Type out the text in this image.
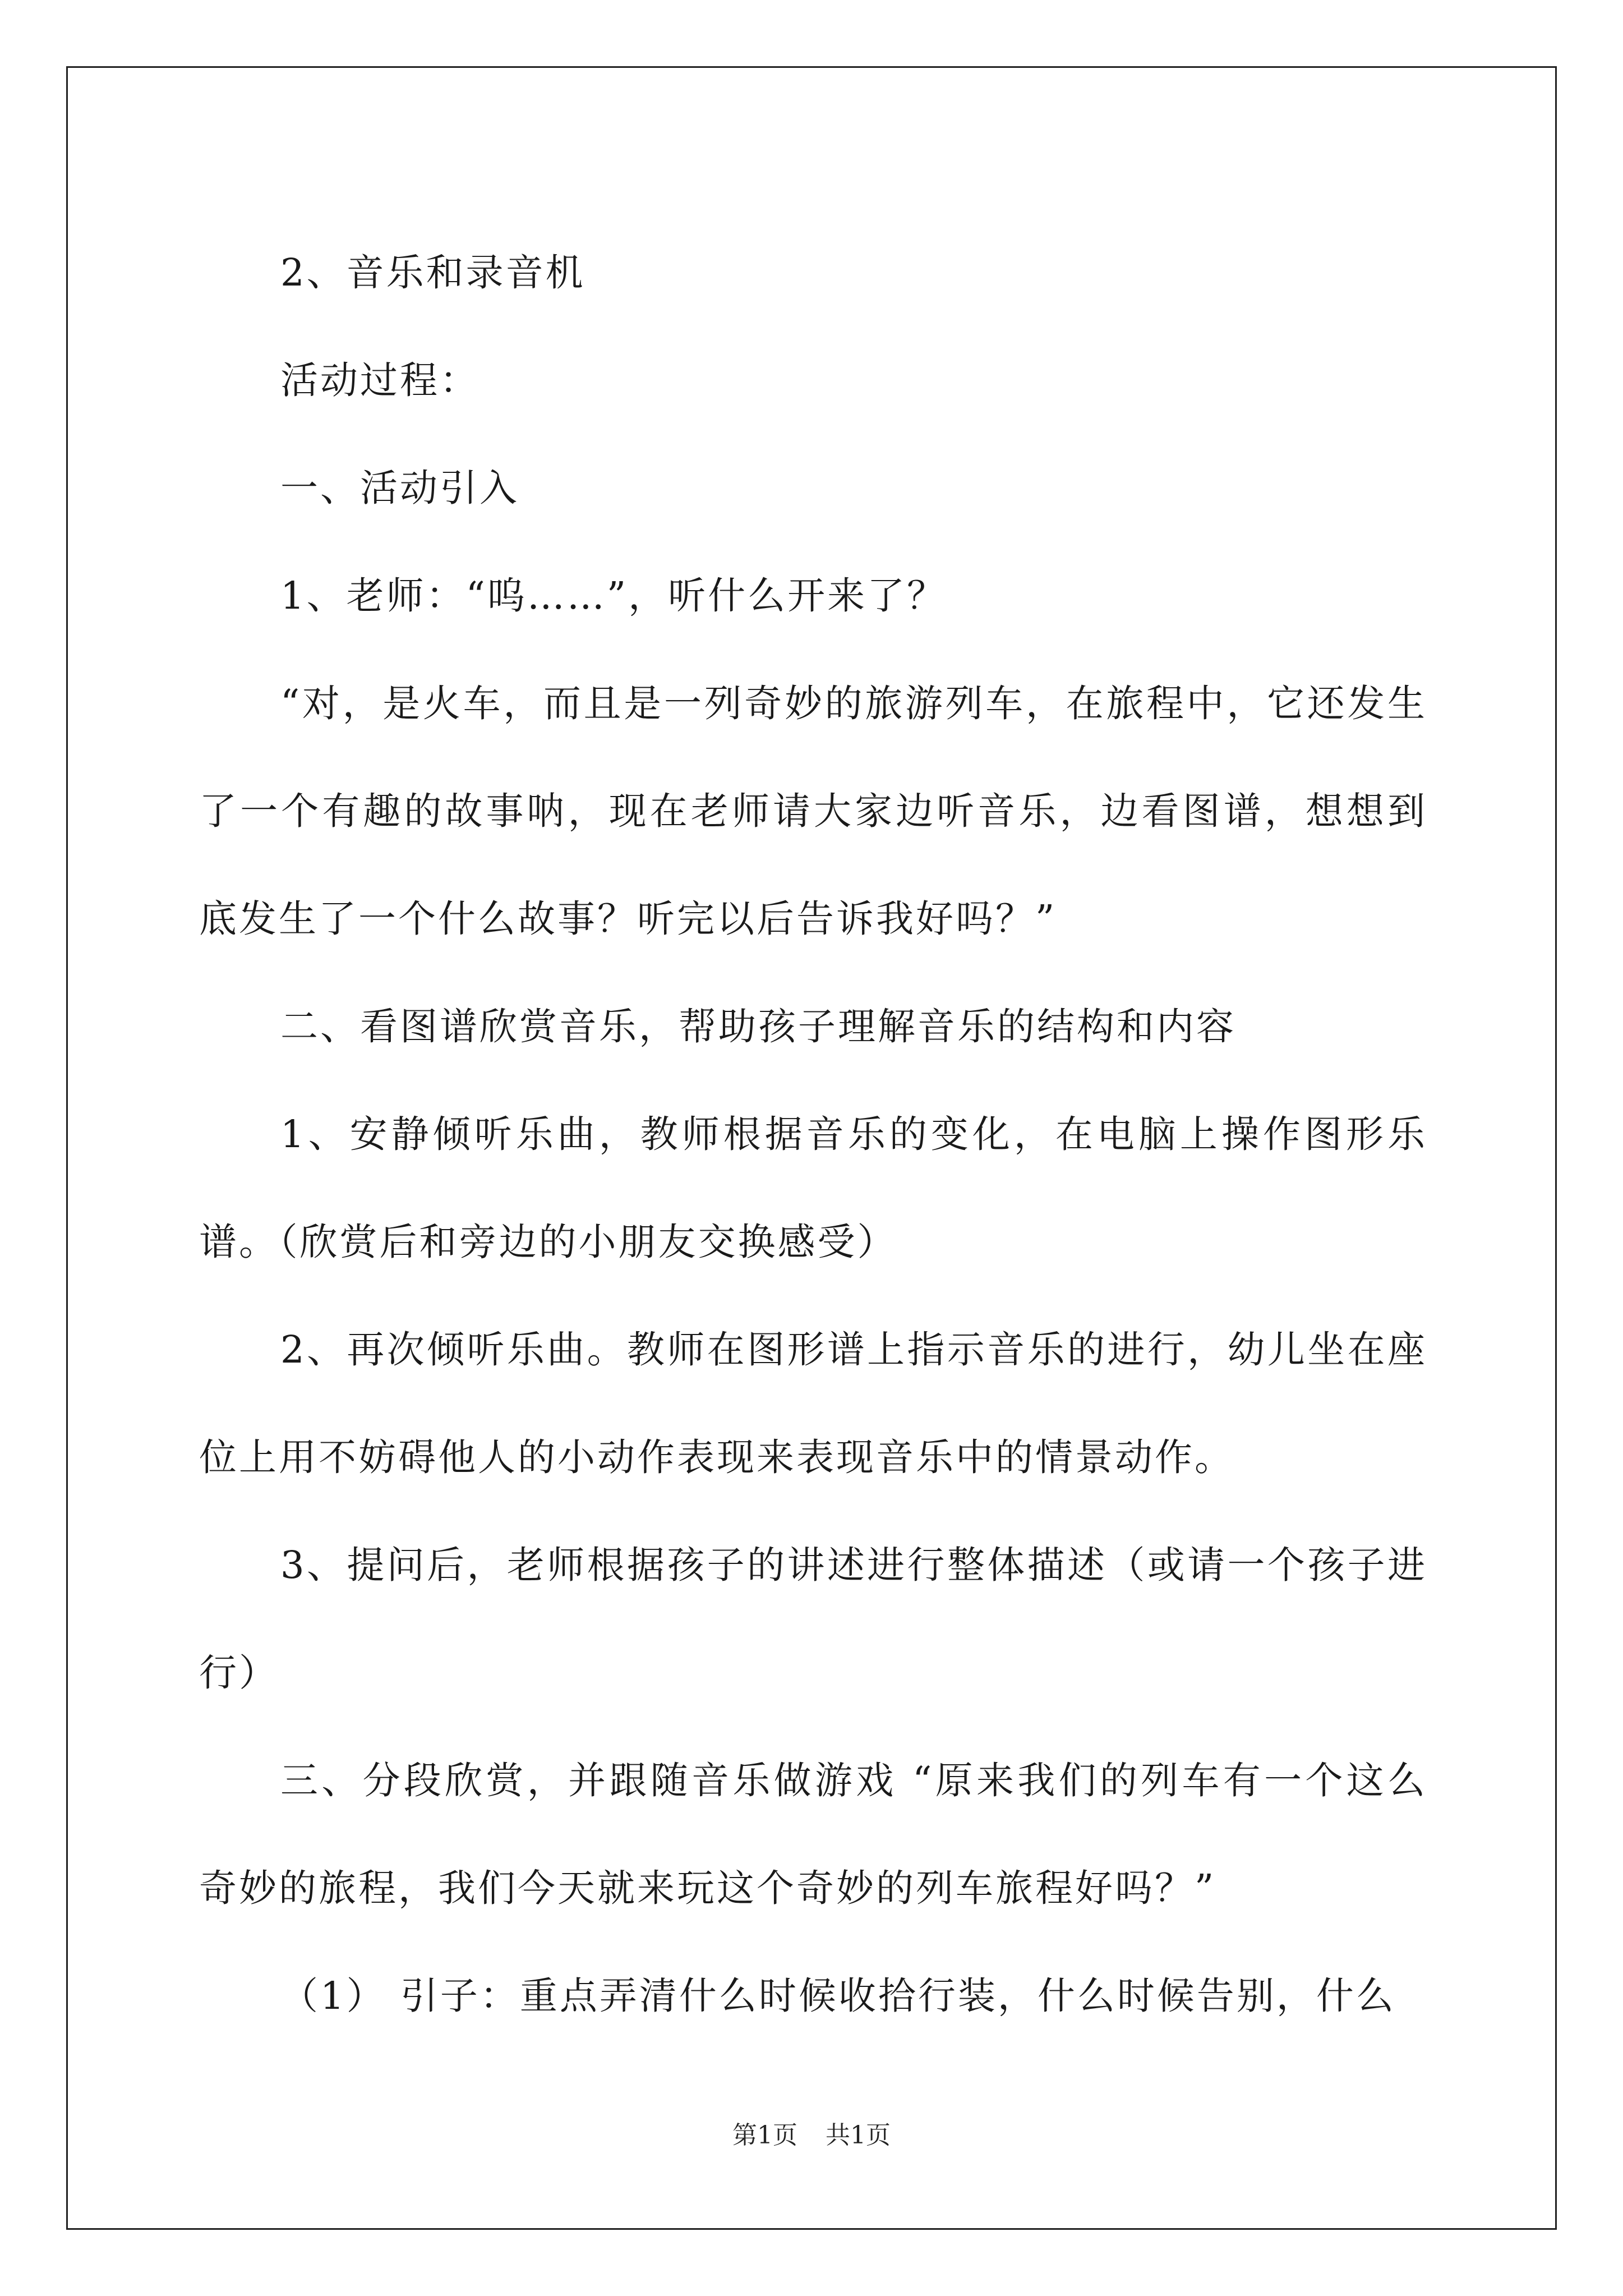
2、音乐和录音机

活动过程：

一、活动引入

1、老师：“呜……”，听什么开来了？

“对，是火车，而且是一列奇妙的旅游列车，在旅程中，它还发生了一个有趣的故事呐，现在老师请大家边听音乐，边看图谱，想想到底发生了一个什么故事？听完以后告诉我好吗？”

二、看图谱欣赏音乐，帮助孩子理解音乐的结构和内容

1、安静倾听乐曲，教师根据音乐的变化，在电脑上操作图形乐谱。（欣赏后和旁边的小朋友交换感受）

2、再次倾听乐曲。教师在图形谱上指示音乐的进行，幼儿坐在座位上用不妨碍他人的小动作表现来表现音乐中的情景动作。

3、提问后，老师根据孩子的讲述进行整体描述（或请一个孩子进行）

三、分段欣赏，并跟随音乐做游戏 “原来我们的列车有一个这么奇妙的旅程，我们今天就来玩这个奇妙的列车旅程好吗？”

（1） 引子：重点弄清什么时候收拾行装，什么时候告别，什么

第1页 共1页
